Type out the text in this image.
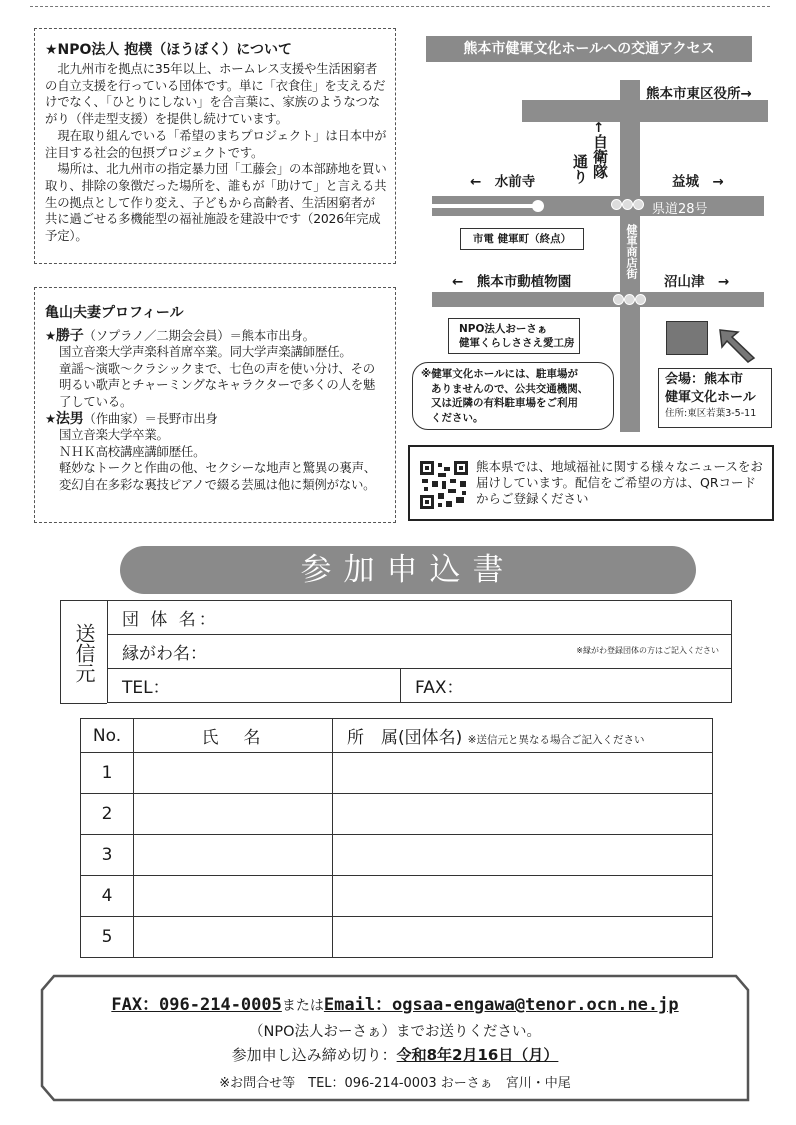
★NPO法人 抱樸（ほうぼく）について

北九州市を拠点に35年以上、ホームレス支援や生活困窮者の自立支援を行っている団体です。単に「衣食住」を支えるだけでなく、「ひとりにしない」を合言葉に、家族のようなつながり（伴走型支援）を提供し続けています。

現在取り組んでいる「希望のまちプロジェクト」は日本中が注目する社会的包摂プロジェクトです。

場所は、北九州市の指定暴力団「工藤会」の本部跡地を買い取り、排除の象徴だった場所を、誰もが「助けて」と言える共生の拠点として作り変え、子どもから高齢者、生活困窮者が共に過ごせる多機能型の福祉施設を建設中です（2026年完成予定）。

亀山夫妻プロフィール

★勝子（ソプラノ／二期会会員）＝熊本市出身。
国立音楽大学声楽科首席卒業。同大学声楽講師歴任。
童謡～演歌～クラシックまで、七色の声を使い分け、その明るい歌声とチャーミングなキャラクターで多くの人を魅了している。
★法男（作曲家）＝長野市出身
国立音楽大学卒業。
ＮＨＫ高校講座講師歴任。
軽妙なトークと作曲の他、セクシーな地声と驚異の裏声、変幻自在多彩な裏技ピアノで綴る芸風は他に類例がない。
熊本市健軍文化ホールへの交通アクセス
熊本市東区役所→
↑
自衛隊
通り
←　水前寺	益城　→
県道28号
市電 健軍町（終点）	健軍商店街
←　熊本市動植物園	沼山津　→
NPO法人おーさぁ
健軍くらしささえ愛工房
※健軍文化ホールには、駐車場が
ありませんので、公共交通機関、
又は近隣の有料駐車場をご利用
ください。
会場：熊本市
健軍文化ホール
住所:東区若葉3-5-11
熊本県では、地域福祉に関する様々なニュースをお届けしています。配信をご希望の方は、QRコードからご登録ください
参加申込書
送信元
団 体 名：
縁がわ名：	※縁がわ登録団体の方はご記入ください

TEL：	FAX：
No.	氏　名	所　属(団体名) ※送信元と異なる場合ご記入ください
1		
2		
3		
4		
5		
FAX：096-214-0005またはEmail：ogsaa-engawa@tenor.ocn.ne.jp
（NPO法人おーさぁ）までお送りください。
参加申し込み締め切り：令和8年2月16日（月）
※お問合せ等　TEL：096-214-0003 おーさぁ　宮川・中尾
